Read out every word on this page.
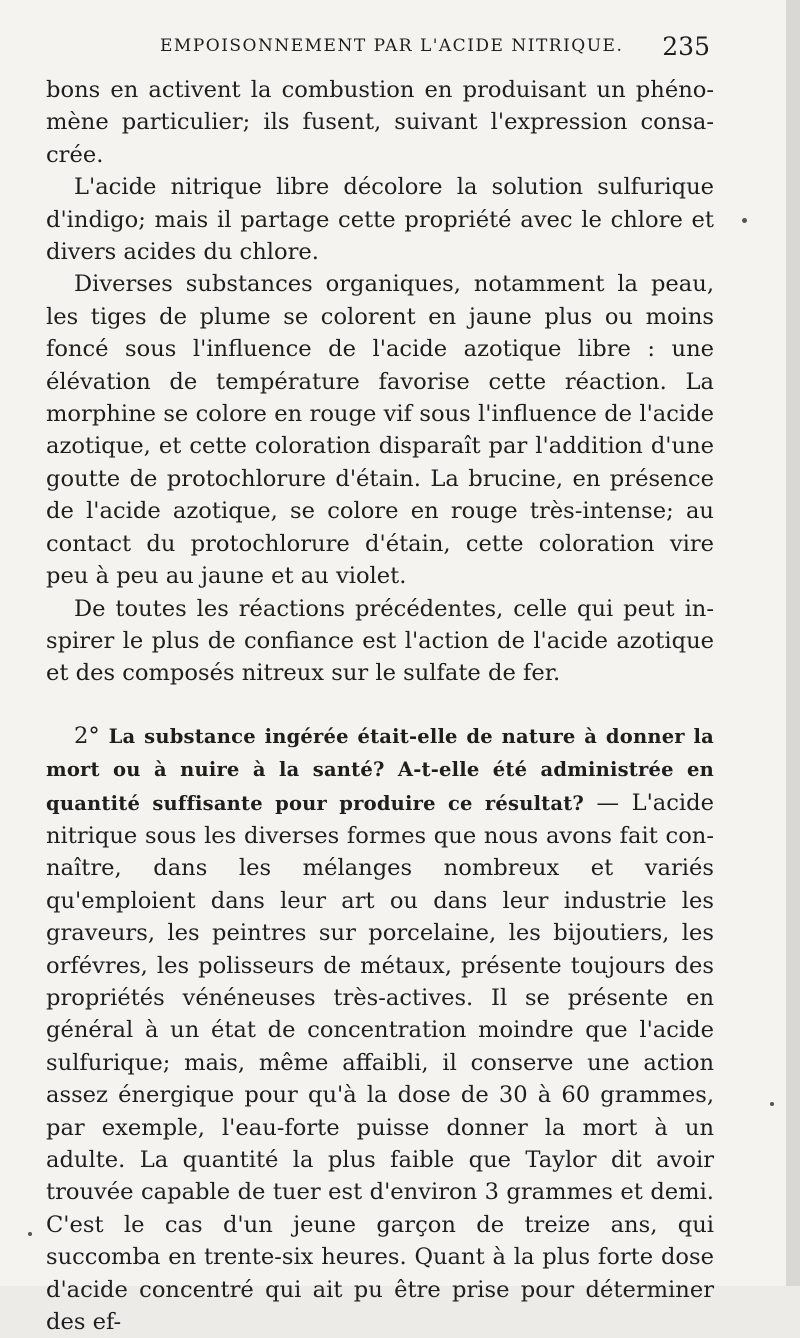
EMPOISONNEMENT PAR L'ACIDE NITRIQUE. 235

bons en activent la combustion en produisant un phénomène particulier; ils fusent, suivant l'expression consacrée.

L'acide nitrique libre décolore la solution sulfurique d'indigo; mais il partage cette propriété avec le chlore et divers acides du chlore.

Diverses substances organiques, notamment la peau, les tiges de plume se colorent en jaune plus ou moins foncé sous l'influence de l'acide azotique libre : une élévation de température favorise cette réaction. La morphine se colore en rouge vif sous l'influence de l'acide azotique, et cette coloration disparaît par l'addition d'une goutte de protochlorure d'étain. La brucine, en présence de l'acide azotique, se colore en rouge très-intense; au contact du protochlorure d'étain, cette coloration vire peu à peu au jaune et au violet.

De toutes les réactions précédentes, celle qui peut inspirer le plus de confiance est l'action de l'acide azotique et des composés nitreux sur le sulfate de fer.

2° La substance ingérée était-elle de nature à donner la mort ou à nuire à la santé? A-t-elle été administrée en quantité suffisante pour produire ce résultat? — L'acide nitrique sous les diverses formes que nous avons fait connaître, dans les mélanges nombreux et variés qu'emploient dans leur art ou dans leur industrie les graveurs, les peintres sur porcelaine, les bijoutiers, les orfévres, les polisseurs de métaux, présente toujours des propriétés vénéneuses très-actives. Il se présente en général à un état de concentration moindre que l'acide sulfurique; mais, même affaibli, il conserve une action assez énergique pour qu'à la dose de 30 à 60 grammes, par exemple, l'eau-forte puisse donner la mort à un adulte. La quantité la plus faible que Taylor dit avoir trouvée capable de tuer est d'environ 3 grammes et demi. C'est le cas d'un jeune garçon de treize ans, qui succomba en trente-six heures. Quant à la plus forte dose d'acide concentré qui ait pu être prise pour déterminer des ef-
